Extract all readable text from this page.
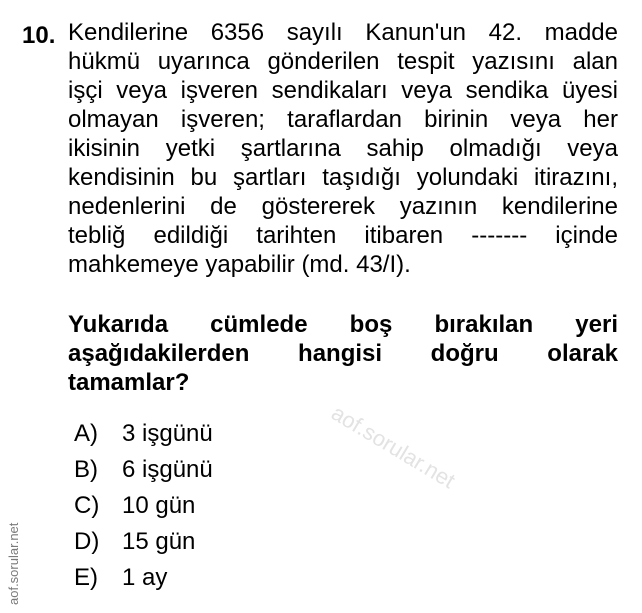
10. Kendilerine 6356 sayılı Kanun'un 42. madde
hükmü uyarınca gönderilen tespit yazısını alan
işçi veya işveren sendikaları veya sendika üyesi
olmayan işveren; taraflardan birinin veya her
ikisinin yetki şartlarına sahip olmadığı veya
kendisinin bu şartları taşıdığı yolundaki itirazını,
nedenlerini de göstererek yazının kendilerine
tebliğ edildiği tarihten itibaren ------- içinde
mahkemeye yapabilir (md. 43/I).
Yukarıda cümlede boş bırakılan yeri
aşağıdakilerden hangisi doğru olarak
tamamlar?
A) 3 işgünü
B) 6 işgünü
C) 10 gün
D) 15 gün
E) 1 ay
aof.sorular.net
aof.sorular.net
